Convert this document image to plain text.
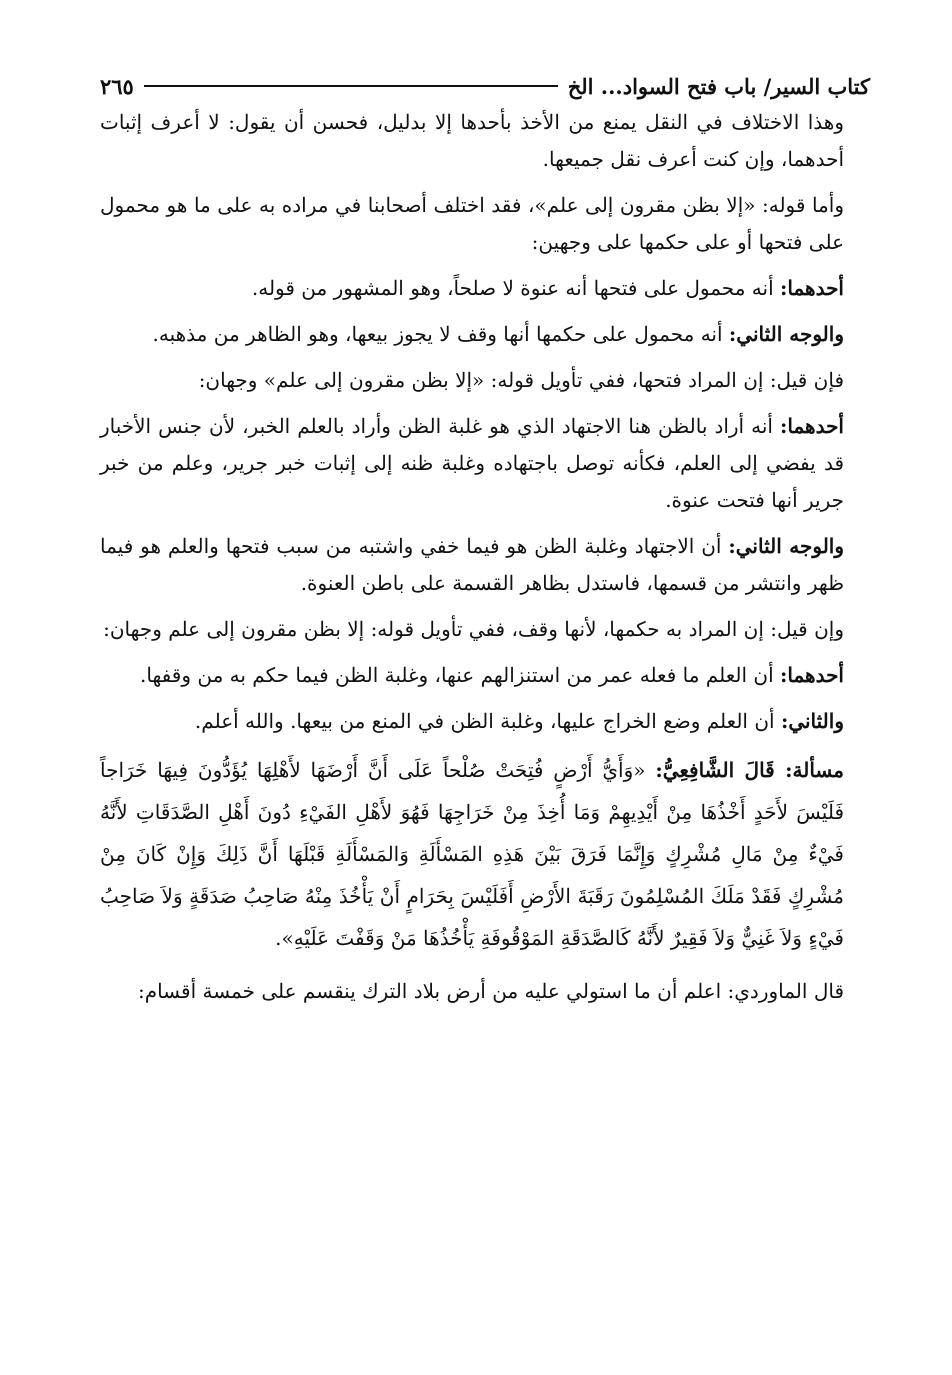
كتاب السير/ باب فتح السواد... الخ
٢٦٥

وهذا الاختلاف في النقل يمنع من الأخذ بأحدها إلا بدليل، فحسن أن يقول: لا أعرف إثبات أحدهما، وإن كنت أعرف نقل جميعها.

وأما قوله: «إلا بظن مقرون إلى علم»، فقد اختلف أصحابنا في مراده به على ما هو محمول على فتحها أو على حكمها على وجهين:

أحدهما: أنه محمول على فتحها أنه عنوة لا صلحاً، وهو المشهور من قوله.

والوجه الثاني: أنه محمول على حكمها أنها وقف لا يجوز بيعها، وهو الظاهر من مذهبه.

فإن قيل: إن المراد فتحها، ففي تأويل قوله: «إلا بظن مقرون إلى علم» وجهان:

أحدهما: أنه أراد بالظن هنا الاجتهاد الذي هو غلبة الظن وأراد بالعلم الخبر، لأن جنس الأخبار قد يفضي إلى العلم، فكأنه توصل باجتهاده وغلبة ظنه إلى إثبات خبر جرير، وعلم من خبر جرير أنها فتحت عنوة.

والوجه الثاني: أن الاجتهاد وغلبة الظن هو فيما خفي واشتبه من سبب فتحها والعلم هو فيما ظهر وانتشر من قسمها، فاستدل بظاهر القسمة على باطن العنوة.

وإن قيل: إن المراد به حكمها، لأنها وقف، ففي تأويل قوله: إلا بظن مقرون إلى علم وجهان:

أحدهما: أن العلم ما فعله عمر من استنزالهم عنها، وغلبة الظن فيما حكم به من وقفها.

والثاني: أن العلم وضع الخراج عليها، وغلبة الظن في المنع من بيعها. والله أعلم.

مسألة: قَالَ الشَّافِعِيُّ: «وَأَيُّ أَرْضٍ فُتِحَتْ صُلْحاً عَلَى أَنَّ أَرْضَهَا لأَهْلِهَا يُؤَدُّونَ فِيهَا خَرَاجاً فَلَيْسَ لأَحَدٍ أَخْذُهَا مِنْ أَيْدِيهِمْ وَمَا أُخِذَ مِنْ خَرَاجِهَا فَهُوَ لأَهْلِ الفَيْءِ دُونَ أَهْلِ الصَّدَقَاتِ لأَنَّهُ فَيْءٌ مِنْ مَالِ مُشْرِكٍ وَإِنَّمَا فَرَقَ بَيْنَ هَذِهِ المَسْأَلَةِ وَالمَسْأَلَةِ قَبْلَهَا أَنَّ ذَلِكَ وَإِنْ كَانَ مِنْ مُشْرِكٍ فَقَدْ مَلَكَ المُسْلِمُونَ رَقَبَةَ الأَرْضِ أَفَلَيْسَ بِحَرَامٍ أَنْ يَأْخُذَ مِنْهُ صَاحِبُ صَدَقَةٍ وَلاَ صَاحِبُ فَيْءٍ وَلاَ غَنِيٌّ وَلاَ فَقِيرٌ لأَنَّهُ كَالصَّدَقَةِ المَوْقُوفَةِ يَأْخُذُهَا مَنْ وَقَفْتَ عَلَيْهِ».

قال الماوردي: اعلم أن ما استولي عليه من أرض بلاد الترك ينقسم على خمسة أقسام:
